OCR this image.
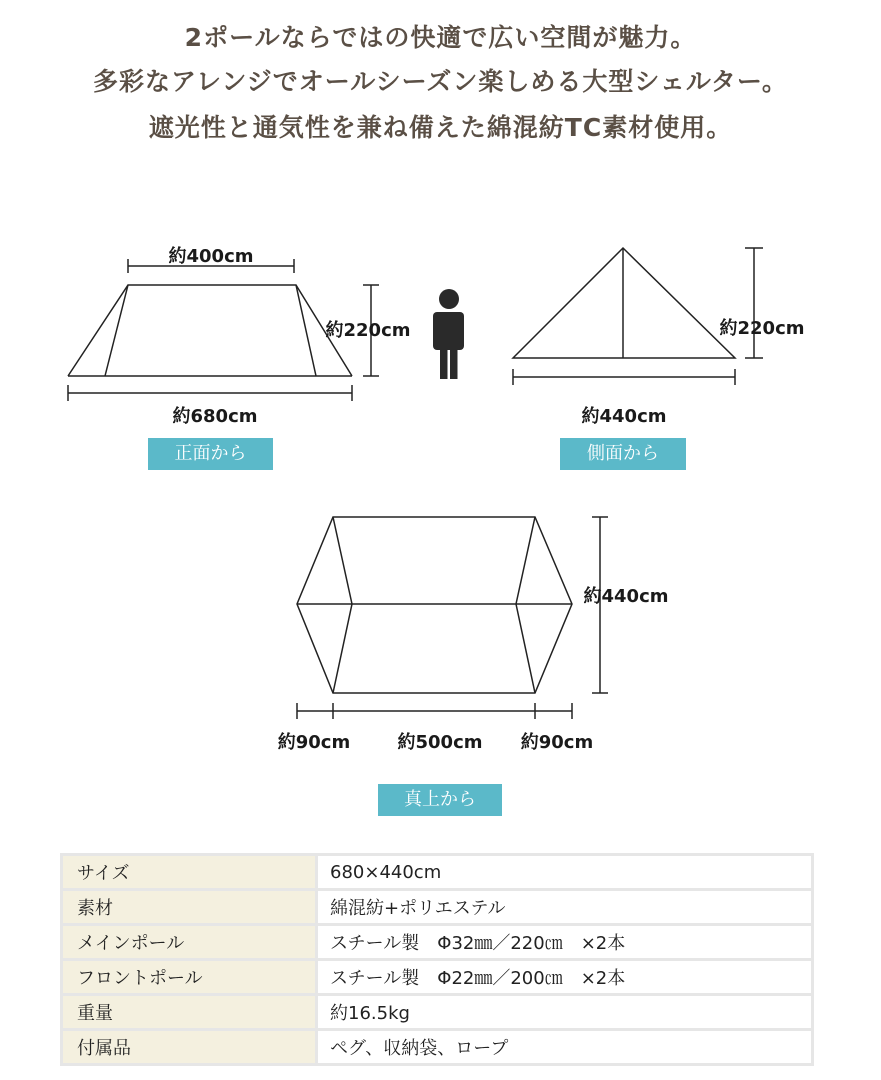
2ポールならではの快適で広い空間が魅力。
多彩なアレンジでオールシーズン楽しめる大型シェルター。
遮光性と通気性を兼ね備えた綿混紡TC素材使用。
約400cm
約220cm
約680cm
約220cm
約440cm
約440cm
約90cm	約500cm 約90cm
正面から	側面から
真上から
サイズ	680×440cm
素材	綿混紡+ポリエステル
メインポール	スチール製　Φ32㎜／220㎝　×2本
フロントポール	スチール製　Φ22㎜／200㎝　×2本
重量	約16.5kg
付属品	ペグ、収納袋、ロープ
